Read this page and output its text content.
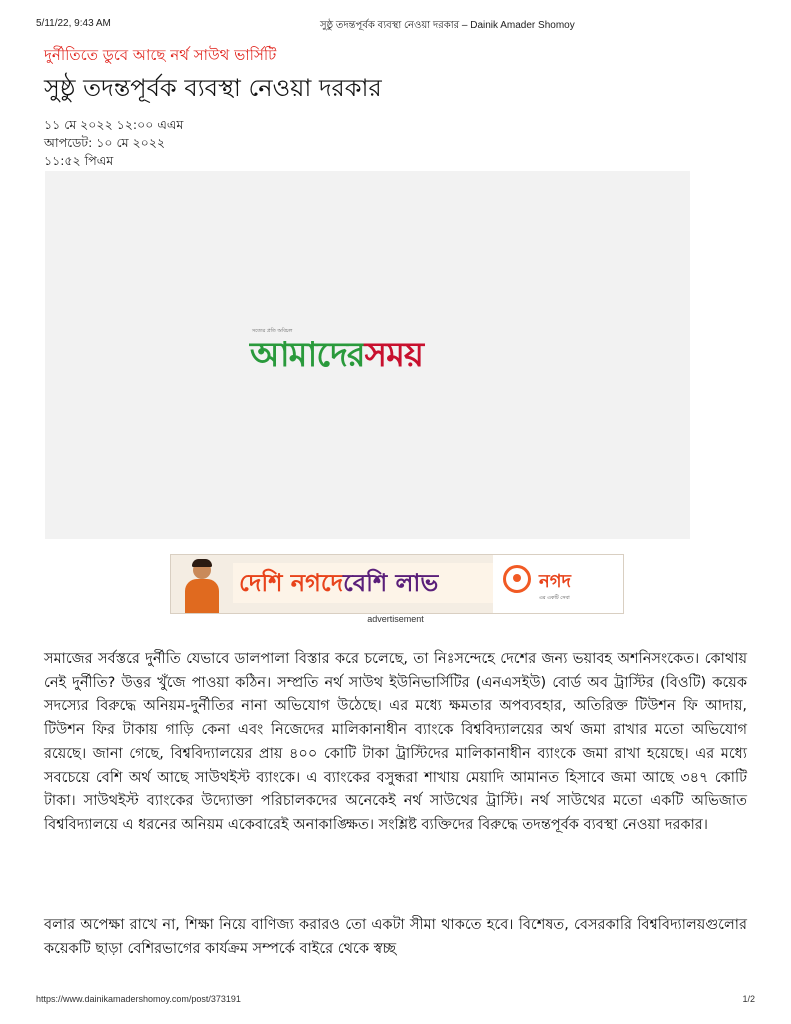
5/11/22, 9:43 AM	সুষ্ঠু তদন্তপূর্বক ব্যবস্থা নেওয়া দরকার – Dainik Amader Shomoy
দুর্নীতিতে ডুবে আছে নর্থ সাউথ ভার্সিটি
সুষ্ঠু তদন্তপূর্বক ব্যবস্থা নেওয়া দরকার
১১ মে ২০২২ ১২:০০ এএম
আপডেট: ১০ মে ২০২২
১১:৫২ পিএম
সত্যের প্রতি অবিচল
আমাদেরসময়
দেশি নগদেবেশি লাভ	নগদ
এর একটি সেবা
advertisement

সমাজের সর্বস্তরে দুর্নীতি যেভাবে ডালপালা বিস্তার করে চলেছে, তা নিঃসন্দেহে দেশের জন্য ভয়াবহ অশনিসংকেত। কোথায় নেই দুর্নীতি? উত্তর খুঁজে পাওয়া কঠিন। সম্প্রতি নর্থ সাউথ ইউনিভার্সিটির (এনএসইউ) বোর্ড অব ট্রাস্টির (বিওটি) কয়েক সদস্যের বিরুদ্ধে অনিয়ম-দুর্নীতির নানা অভিযোগ উঠেছে। এর মধ্যে ক্ষমতার অপব্যবহার, অতিরিক্ত টিউশন ফি আদায়, টিউশন ফির টাকায় গাড়ি কেনা এবং নিজেদের মালিকানাধীন ব্যাংকে বিশ্ববিদ্যালয়ের অর্থ জমা রাখার মতো অভিযোগ রয়েছে। জানা গেছে, বিশ্ববিদ্যালয়ের প্রায় ৪০০ কোটি টাকা ট্রাস্টিদের মালিকানাধীন ব্যাংকে জমা রাখা হয়েছে। এর মধ্যে সবচেয়ে বেশি অর্থ আছে সাউথইস্ট ব্যাংকে। এ ব্যাংকের বসুন্ধরা শাখায় মেয়াদি আমানত হিসাবে জমা আছে ৩৪৭ কোটি টাকা। সাউথইস্ট ব্যাংকের উদ্যোক্তা পরিচালকদের অনেকেই নর্থ সাউথের ট্রাস্টি। নর্থ সাউথের মতো একটি অভিজাত বিশ্ববিদ্যালয়ে এ ধরনের অনিয়ম একেবারেই অনাকাঙ্ক্ষিত। সংশ্লিষ্ট ব্যক্তিদের বিরুদ্ধে তদন্তপূর্বক ব্যবস্থা নেওয়া দরকার।

বলার অপেক্ষা রাখে না, শিক্ষা নিয়ে বাণিজ্য করারও তো একটা সীমা থাকতে হবে। বিশেষত, বেসরকারি বিশ্ববিদ্যালয়গুলোর কয়েকটি ছাড়া বেশিরভাগের কার্যক্রম সম্পর্কে বাইরে থেকে স্বচ্ছ

https://www.dainikamadershomoy.com/post/373191	1/2
